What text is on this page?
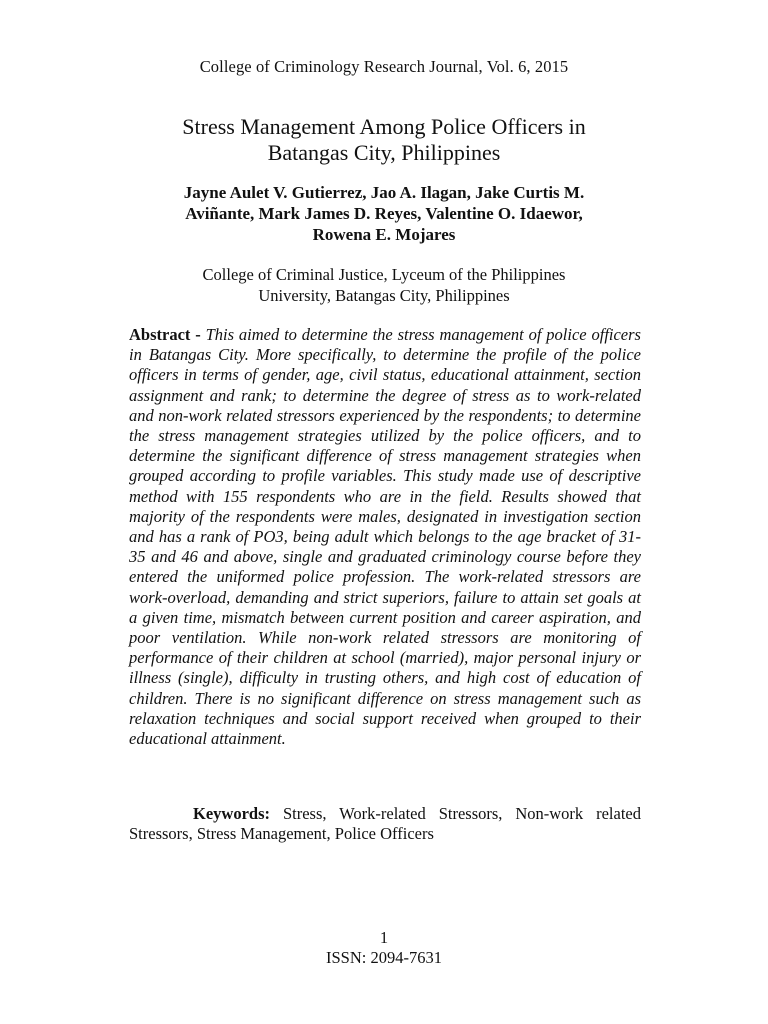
College of Criminology Research Journal, Vol. 6, 2015
Stress Management Among Police Officers in
Batangas City, Philippines
Jayne Aulet V. Gutierrez, Jao A. Ilagan, Jake Curtis M.
Aviñante, Mark James D. Reyes, Valentine O. Idaewor,
Rowena E. Mojares
College of Criminal Justice, Lyceum of the Philippines
University, Batangas City, Philippines
Abstract - This aimed to determine the stress management of police officers in Batangas City. More specifically, to determine the profile of the police officers in terms of gender, age, civil status, educational attainment, section assignment and rank; to determine the degree of stress as to work-related and non-work related stressors experienced by the respondents; to determine the stress management strategies utilized by the police officers, and to determine the significant difference of stress management strategies when grouped according to profile variables. This study made use of descriptive method with 155 respondents who are in the field. Results showed that majority of the respondents were males, designated in investigation section and has a rank of PO3, being adult which belongs to the age bracket of 31-35 and 46 and above, single and graduated criminology course before they entered the uniformed police profession. The work-related stressors are work-overload, demanding and strict superiors, failure to attain set goals at a given time, mismatch between current position and career aspiration, and poor ventilation. While non-work related stressors are monitoring of performance of their children at school (married), major personal injury or illness (single), difficulty in trusting others, and high cost of education of children. There is no significant difference on stress management such as relaxation techniques and social support received when grouped to their educational attainment.
Keywords: Stress, Work-related Stressors, Non-work related Stressors, Stress Management, Police Officers
1
ISSN: 2094-7631
